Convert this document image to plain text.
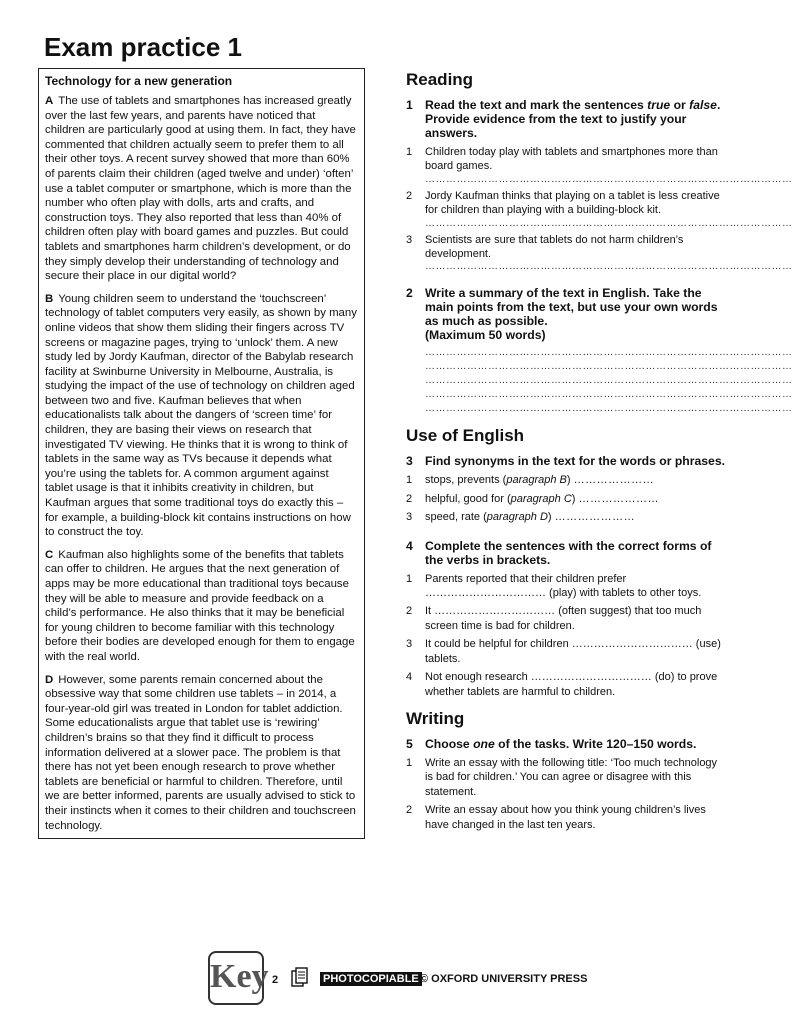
Exam practice 1
Technology for a new generation

A The use of tablets and smartphones has increased greatly over the last few years, and parents have noticed that children are particularly good at using them. In fact, they have commented that children actually seem to prefer them to all their other toys. A recent survey showed that more than 60% of parents claim their children (aged twelve and under) ‘often’ use a tablet computer or smartphone, which is more than the number who often play with dolls, arts and crafts, and construction toys. They also reported that less than 40% of children often play with board games and puzzles. But could tablets and smartphones harm children’s development, or do they simply develop their understanding of technology and secure their place in our digital world?

B Young children seem to understand the ‘touchscreen’ technology of tablet computers very easily, as shown by many online videos that show them sliding their fingers across TV screens or magazine pages, trying to ‘unlock’ them. A new study led by Jordy Kaufman, director of the Babylab research facility at Swinburne University in Melbourne, Australia, is studying the impact of the use of technology on children aged between two and five. Kaufman believes that when educationalists talk about the dangers of ‘screen time’ for children, they are basing their views on research that investigated TV viewing. He thinks that it is wrong to think of tablets in the same way as TVs because it depends what you’re using the tablets for. A common argument against tablet usage is that it inhibits creativity in children, but Kaufman argues that some traditional toys do exactly this – for example, a building-block kit contains instructions on how to construct the toy.

C Kaufman also highlights some of the benefits that tablets can offer to children. He argues that the next generation of apps may be more educational than traditional toys because they will be able to measure and provide feedback on a child’s performance. He also thinks that it may be beneficial for young children to become familiar with this technology before their bodies are developed enough for them to engage with the real world.

D However, some parents remain concerned about the obsessive way that some children use tablets – in 2014, a four-year-old girl was treated in London for tablet addiction. Some educationalists argue that tablet use is ‘rewiring’ children’s brains so that they find it difficult to process information delivered at a slower pace. The problem is that there has not yet been enough research to prove whether tablets are beneficial or harmful to children. Therefore, until we are better informed, parents are usually advised to stick to their instincts when it comes to their children and touchscreen technology.

Reading
1 Read the text and mark the sentences true or false. Provide evidence from the text to justify your answers.
1 Children today play with tablets and smartphones more than board games.
……………………………………………………………………………………………
2 Jordy Kaufman thinks that playing on a tablet is less creative for children than playing with a building-block kit.
……………………………………………………………………………………………
3 Scientists are sure that tablets do not harm children’s development.
……………………………………………………………………………………………
2 Write a summary of the text in English. Take the main points from the text, but use your own words as much as possible.
(Maximum 50 words)
……………………………………………………………………………………………
……………………………………………………………………………………………
……………………………………………………………………………………………
……………………………………………………………………………………………
……………………………………………………………………………………………
Use of English
3 Find synonyms in the text for the words or phrases.
1 stops, prevents (paragraph B) …………………
2 helpful, good for (paragraph C) …………………
3 speed, rate (paragraph D) …………………
4 Complete the sentences with the correct forms of the verbs in brackets.
1 Parents reported that their children prefer …………………………… (play) with tablets to other toys.
2 It …………………………… (often suggest) that too much screen time is bad for children.
3 It could be helpful for children …………………………… (use) tablets.
4 Not enough research …………………………… (do) to prove whether tablets are harmful to children.
Writing
5 Choose one of the tasks. Write 120–150 words.
1 Write an essay with the following title: ‘Too much technology is bad for children.’ You can agree or disagree with this statement.
2 Write an essay about how you think young children’s lives have changed in the last ten years.
Key 2	PHOTOCOPIABLE © OXFORD UNIVERSITY PRESS
